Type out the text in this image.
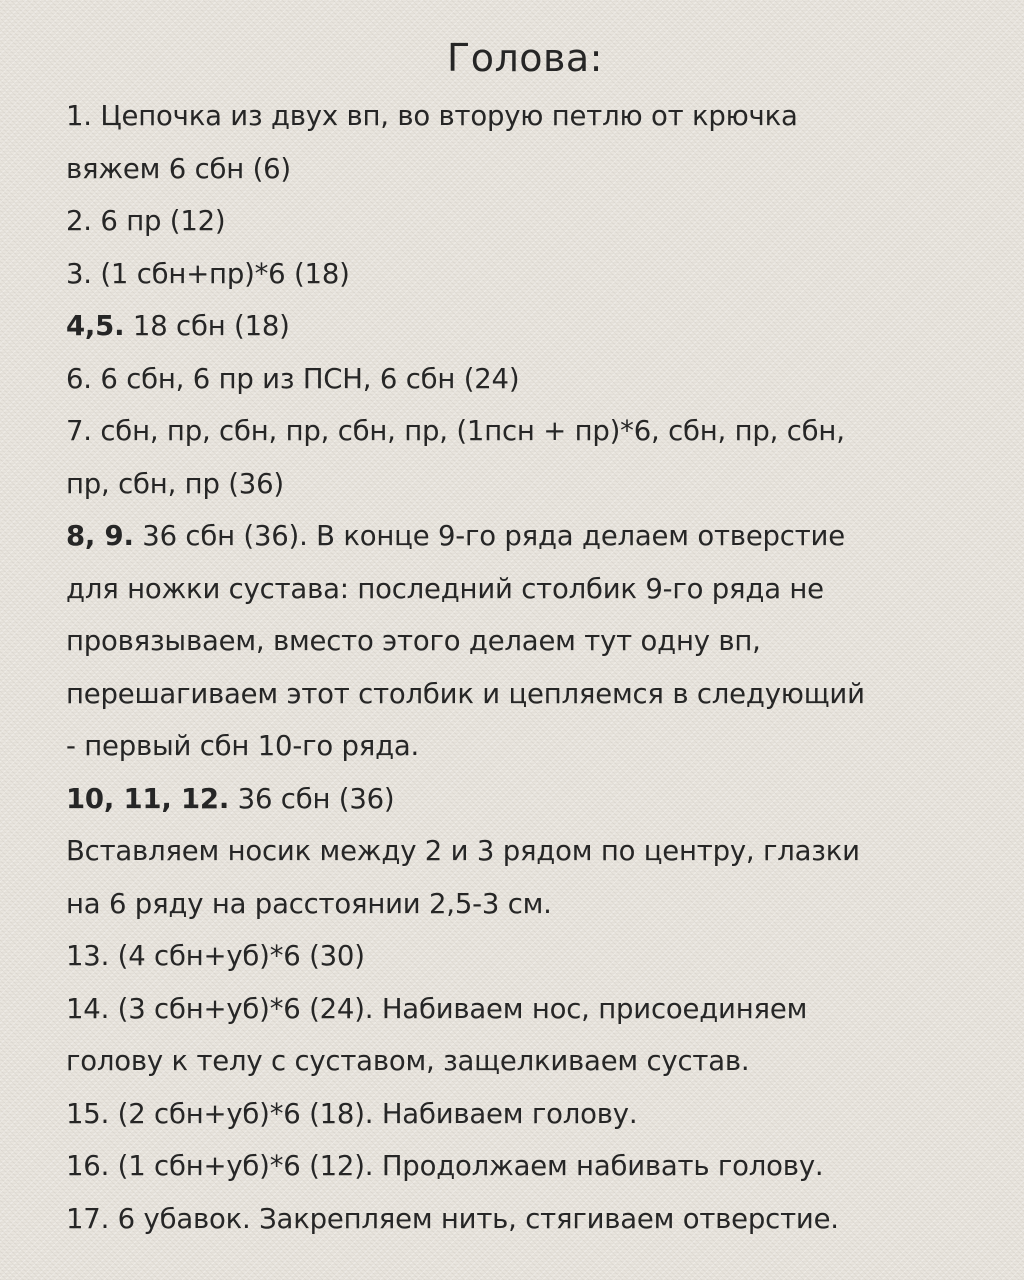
Голова:
1. Цепочка из двух вп, во вторую петлю от крючка
вяжем 6 сбн (6)
2. 6 пр (12)
3. (1 сбн+пр)*6 (18)
4,5. 18 сбн (18)
6. 6 сбн, 6 пр из ПСН, 6 сбн (24)
7. сбн, пр, сбн, пр, сбн, пр, (1псн + пр)*6, сбн, пр, сбн,
пр, сбн, пр (36)
8, 9. 36 сбн (36). В конце 9-го ряда делаем отверстие
для ножки сустава: последний столбик 9-го ряда не
провязываем, вместо этого делаем тут одну вп,
перешагиваем этот столбик и цепляемся в следующий
- первый сбн 10-го ряда.
10, 11, 12. 36 сбн (36)
Вставляем носик между 2 и 3 рядом по центру, глазки
на 6 ряду на расстоянии 2,5-3 см.
13. (4 сбн+уб)*6 (30)
14. (3 сбн+уб)*6 (24). Набиваем нос, присоединяем
голову к телу с суставом, защелкиваем сустав.
15. (2 сбн+уб)*6 (18). Набиваем голову.
16. (1 сбн+уб)*6 (12). Продолжаем набивать голову.
17. 6 убавок. Закрепляем нить, стягиваем отверстие.
